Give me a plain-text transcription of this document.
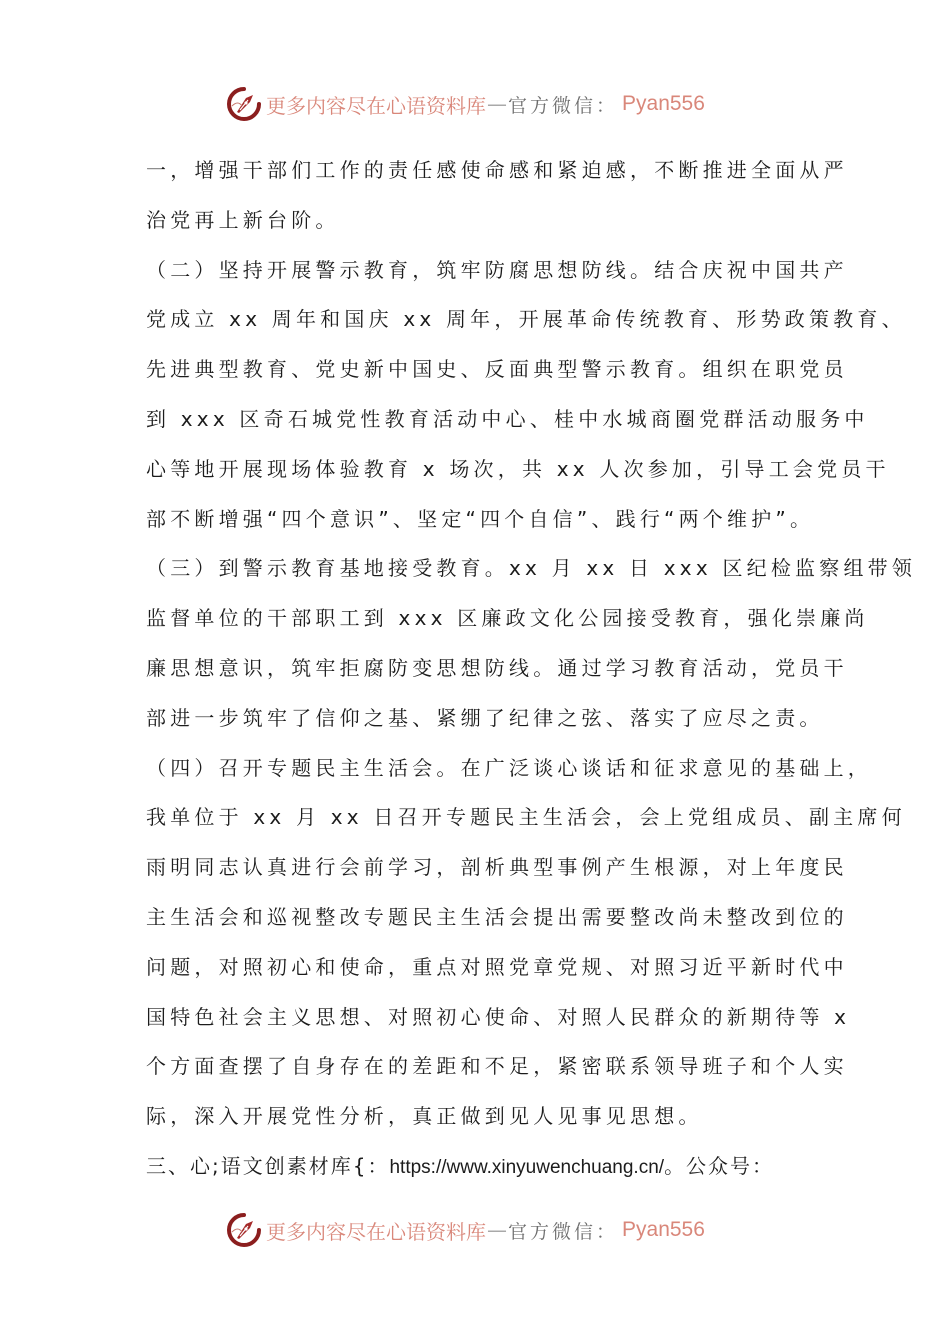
更多内容尽在心语资料库 — 官方微信： Pyan556
一，增强干部们工作的责任感使命感和紧迫感，不断推进全面从严
治党再上新台阶。
（二）坚持开展警示教育，筑牢防腐思想防线。结合庆祝中国共产
党成立 xx 周年和国庆 xx 周年，开展革命传统教育、形势政策教育、
先进典型教育、党史新中国史、反面典型警示教育。组织在职党员
到 xxx 区奇石城党性教育活动中心、桂中水城商圈党群活动服务中
心等地开展现场体验教育 x 场次，共 xx 人次参加，引导工会党员干
部不断增强“四个意识”、坚定“四个自信”、践行“两个维护”。
（三）到警示教育基地接受教育。xx 月 xx 日 xxx 区纪检监察组带领
监督单位的干部职工到 xxx 区廉政文化公园接受教育，强化崇廉尚
廉思想意识，筑牢拒腐防变思想防线。通过学习教育活动，党员干
部进一步筑牢了信仰之基、紧绷了纪律之弦、落实了应尽之责。
（四）召开专题民主生活会。在广泛谈心谈话和征求意见的基础上，
我单位于 xx 月 xx 日召开专题民主生活会，会上党组成员、副主席何
雨明同志认真进行会前学习，剖析典型事例产生根源，对上年度民
主生活会和巡视整改专题民主生活会提出需要整改尚未整改到位的
问题，对照初心和使命，重点对照党章党规、对照习近平新时代中
国特色社会主义思想、对照初心使命、对照人民群众的新期待等 x
个方面查摆了自身存在的差距和不足，紧密联系领导班子和个人实
际，深入开展党性分析，真正做到见人见事见思想。
三、心;语文创素材库{：https://www.xinyuwenchuang.cn/。公众号：
更多内容尽在心语资料库 — 官方微信： Pyan556
